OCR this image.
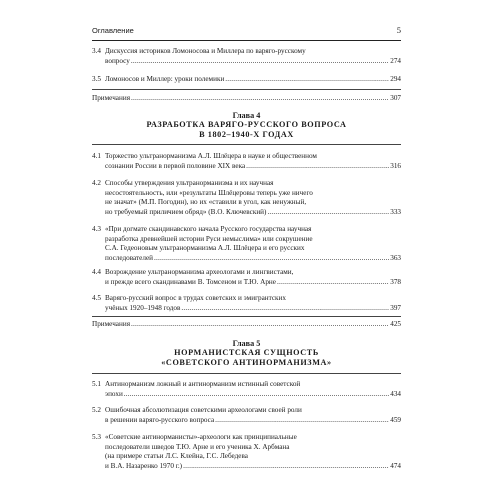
Оглавление	5
3.4 Дискуссия историков Ломоносова и Миллера по варяго-русскому
вопросу .....	274
3.5 Ломоносов и Миллер: уроки полемики .....	294
Примечания .....	307
Глава 4
РАЗРАБОТКА ВАРЯГО-РУССКОГО ВОПРОСА
В 1802–1940-Х ГОДАХ
4.1 Торжество ультранорманизма А.Л. Шлёцера в науке и общественном
сознании России в первой половине XIX века .....	316
4.2 Способы утверждения ультранорманизма и их научная
несостоятельность, или «результаты Шлёцеровы теперь уже ничего
не значат» (М.П. Погодин), но их «ставили в угол, как ненужный,
но требуемый приличием обряд» (В.О. Ключевский) .....	333
4.3 «При догмате скандинавского начала Русского государства научная
разработка древнейшей истории Руси немыслима» или сокрушение
С.А. Гедеоновым ультранорманизма А.Л. Шлёцера и его русских
последователей .....	363
4.4 Возрождение ультранорманизма археологами и лингвистами,
и прежде всего скандинавами В. Томсеном и Т.Ю. Арне .....	378
4.5 Варяго-русский вопрос в трудах советских и эмигрантских
учёных 1920–1948 годов .....	397
Примечания .....	425
Глава 5
НОРМАНИСТСКАЯ СУЩНОСТЬ
«СОВЕТСКОГО АНТИНОРМАНИЗМА»
5.1 Антинорманизм ложный и антинорманизм истинный советской
эпохи .....	434
5.2 Ошибочная абсолютизация советскими археологами своей роли
в решении варяго-русского вопроса .....	459
5.3 «Советские антинорманисты»-археологи как принципиальные
последователи шведов Т.Ю. Арне и его ученика Х. Арбмана
(на примере статьи Л.С. Клейна, Г.С. Лебедева
и В.А. Назаренко 1970 г.) .....	474
